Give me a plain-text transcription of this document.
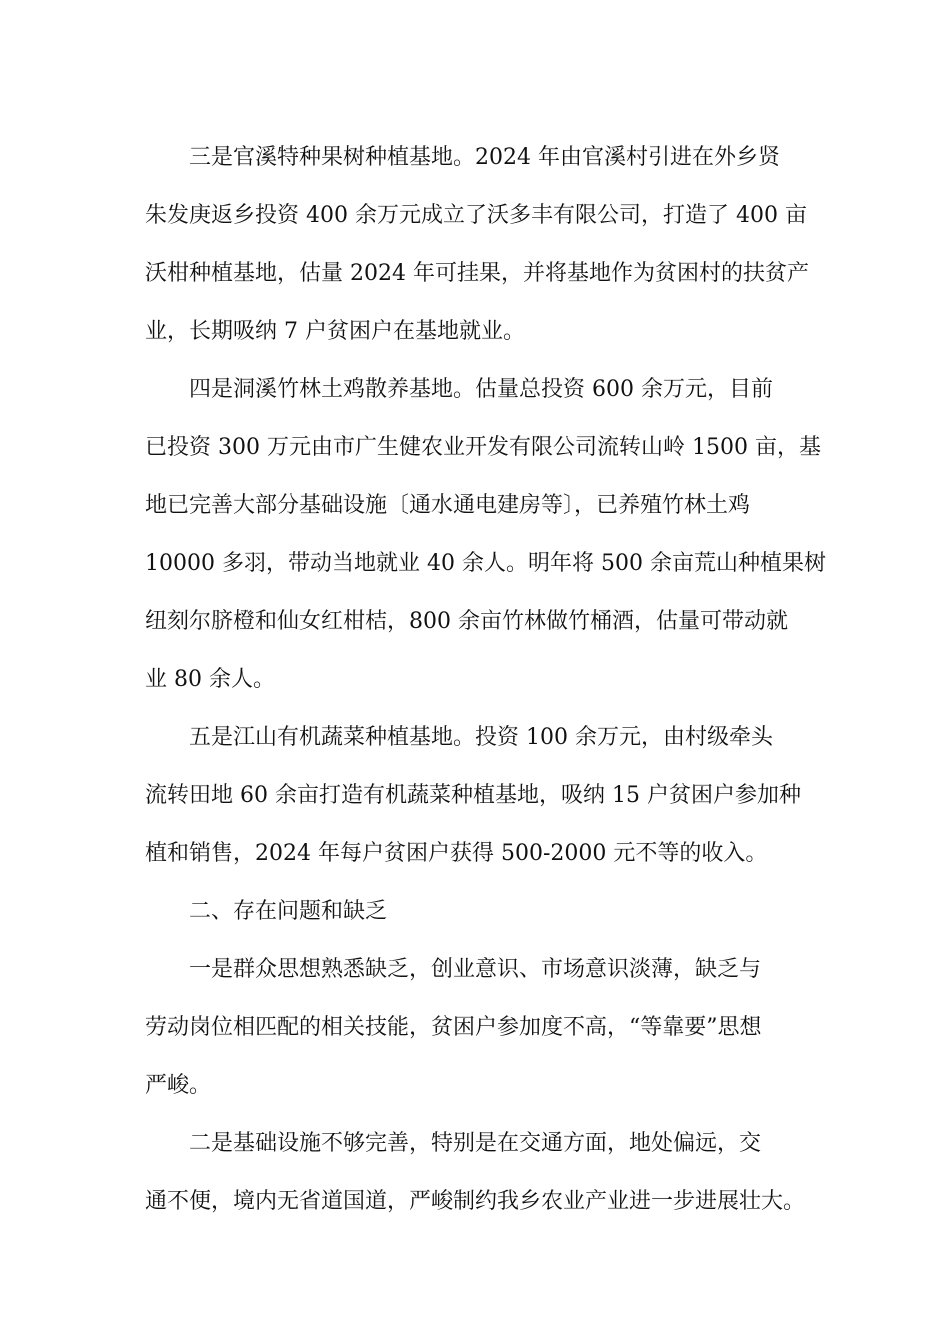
三是官溪特种果树种植基地。2024 年由官溪村引进在外乡贤
朱发庚返乡投资 400 余万元成立了沃多丰有限公司，打造了 400 亩
沃柑种植基地，估量 2024 年可挂果，并将基地作为贫困村的扶贫产
业，长期吸纳 7 户贫困户在基地就业。

四是洞溪竹林土鸡散养基地。估量总投资 600 余万元，目前
已投资 300 万元由市广生健农业开发有限公司流转山岭 1500 亩，基
地已完善大部分基础设施〔通水通电建房等〕，已养殖竹林土鸡
10000 多羽，带动当地就业 40 余人。明年将 500 余亩荒山种植果树
纽刻尔脐橙和仙女红柑桔，800 余亩竹林做竹桶酒，估量可带动就
业 80 余人。

五是江山有机蔬菜种植基地。投资 100 余万元，由村级牵头
流转田地 60 余亩打造有机蔬菜种植基地，吸纳 15 户贫困户参加种
植和销售，2024 年每户贫困户获得 500-2000 元不等的收入。

二、存在问题和缺乏

一是群众思想熟悉缺乏，创业意识、市场意识淡薄，缺乏与
劳动岗位相匹配的相关技能，贫困户参加度不高，“等靠要”思想
严峻。

二是基础设施不够完善，特别是在交通方面，地处偏远，交
通不便，境内无省道国道，严峻制约我乡农业产业进一步进展壮大。
